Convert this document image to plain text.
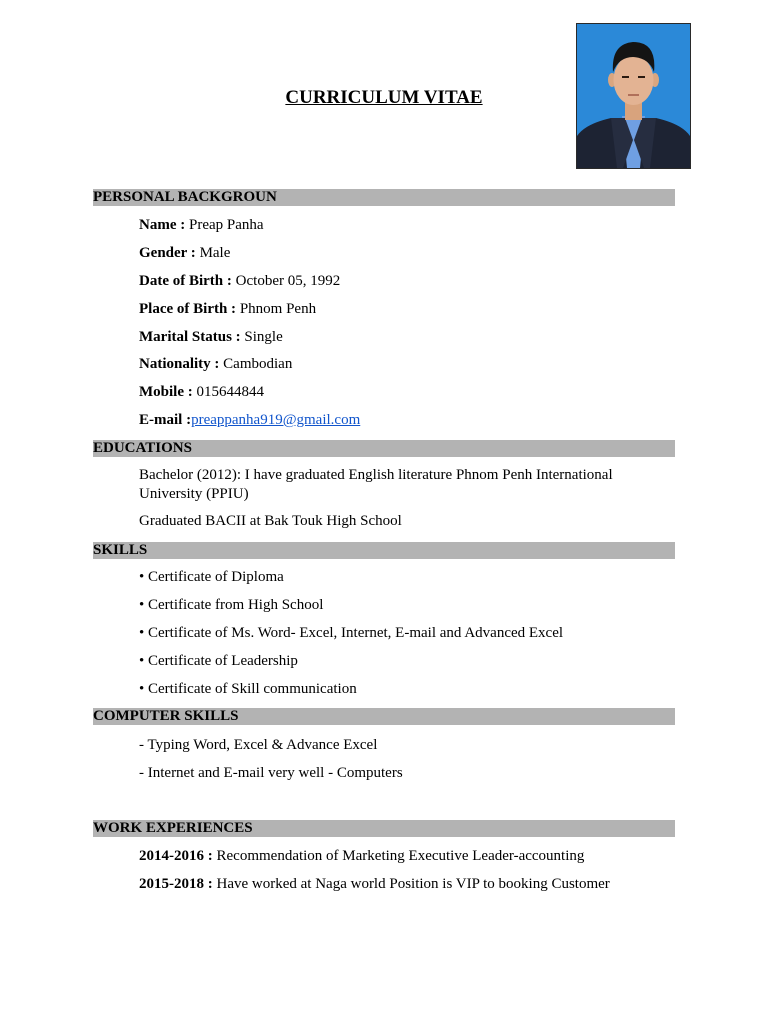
CURRICULUM VITAE
PERSONAL BACKGROUN
Name : Preap Panha
Gender : Male
Date of Birth : October 05, 1992
Place of Birth : Phnom Penh
Marital Status : Single
Nationality : Cambodian
Mobile : 015644844
E-mail :preappanha919@gmail.com
EDUCATIONS
Bachelor (2012): I have graduated English literature Phnom Penh International University (PPIU)
Graduated BACII at Bak Touk High School
SKILLS
• Certificate of Diploma
• Certificate from High School
• Certificate of Ms. Word- Excel, Internet, E-mail and Advanced Excel
• Certificate of Leadership
• Certificate of Skill communication
COMPUTER SKILLS
- Typing Word, Excel & Advance Excel
- Internet and E-mail very well - Computers
WORK EXPERIENCES
2014-2016 : Recommendation of Marketing Executive Leader-accounting
2015-2018 : Have worked at Naga world Position is VIP to booking Customer
